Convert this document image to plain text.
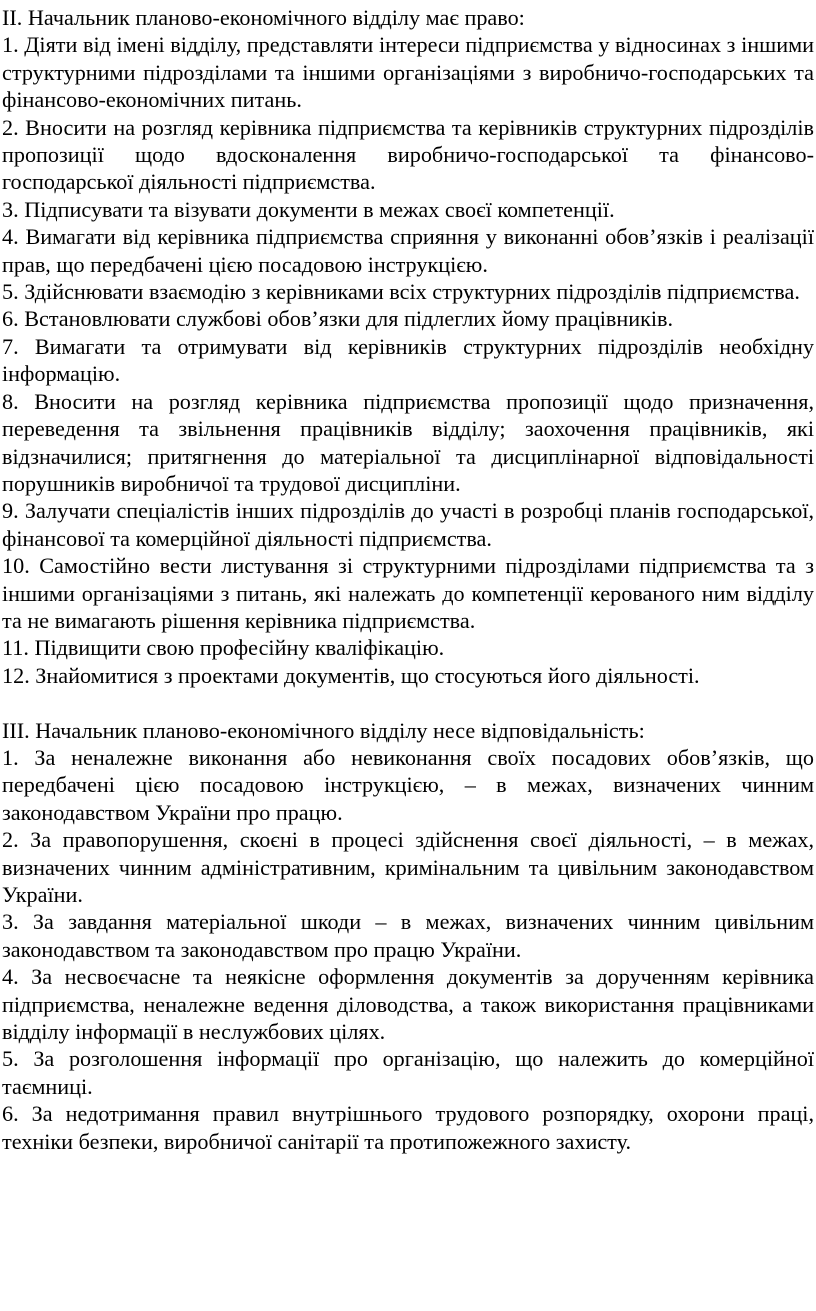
II. Начальник планово-економічного відділу має право:

1. Діяти від імені відділу, представляти інтереси підприємства у відносинах з іншими структурними підрозділами та іншими організаціями з виробничо-господарських та фінансово-економічних питань.

2. Вносити на розгляд керівника підприємства та керівників структурних підрозділів пропозиції щодо вдосконалення виробничо-господарської та фінансово-господарської діяльності підприємства.

3. Підписувати та візувати документи в межах своєї компетенції.

4. Вимагати від керівника підприємства сприяння у виконанні обов’язків і реалізації прав, що передбачені цією посадовою інструкцією.

5. Здійснювати взаємодію з керівниками всіх структурних підрозділів підприємства.

6. Встановлювати службові обов’язки для підлеглих йому працівників.

7. Вимагати та отримувати від керівників структурних підрозділів необхідну інформацію.

8. Вносити на розгляд керівника підприємства пропозиції щодо призначення, переведення та звільнення працівників відділу; заохочення працівників, які відзначилися; притягнення до матеріальної та дисциплінарної відповідальності порушників виробничої та трудової дисципліни.

9. Залучати спеціалістів інших підрозділів до участі в розробці планів господарської, фінансової та комерційної діяльності підприємства.

10. Самостійно вести листування зі структурними підрозділами підприємства та з іншими організаціями з питань, які належать до компетенції керованого ним відділу та не вимагають рішення керівника підприємства.

11. Підвищити свою професійну кваліфікацію.

12. Знайомитися з проектами документів, що стосуються його діяльності.

III. Начальник планово-економічного відділу несе відповідальність:

1. За неналежне виконання або невиконання своїх посадових обов’язків, що передбачені цією посадовою інструкцією, – в межах, визначених чинним законодавством України про працю.

2. За правопорушення, скоєні в процесі здійснення своєї діяльності, – в межах, визначених чинним адміністративним, кримінальним та цивільним законодавством України.

3. За завдання матеріальної шкоди – в межах, визначених чинним цивільним законодавством та законодавством про працю України.

4. За несвоєчасне та неякісне оформлення документів за дорученням керівника підприємства, неналежне ведення діловодства, а також використання працівниками відділу інформації в неслужбових цілях.

5. За розголошення інформації про організацію, що належить до комерційної таємниці.

6. За недотримання правил внутрішнього трудового розпорядку, охорони праці, техніки безпеки, виробничої санітарії та протипожежного захисту.
